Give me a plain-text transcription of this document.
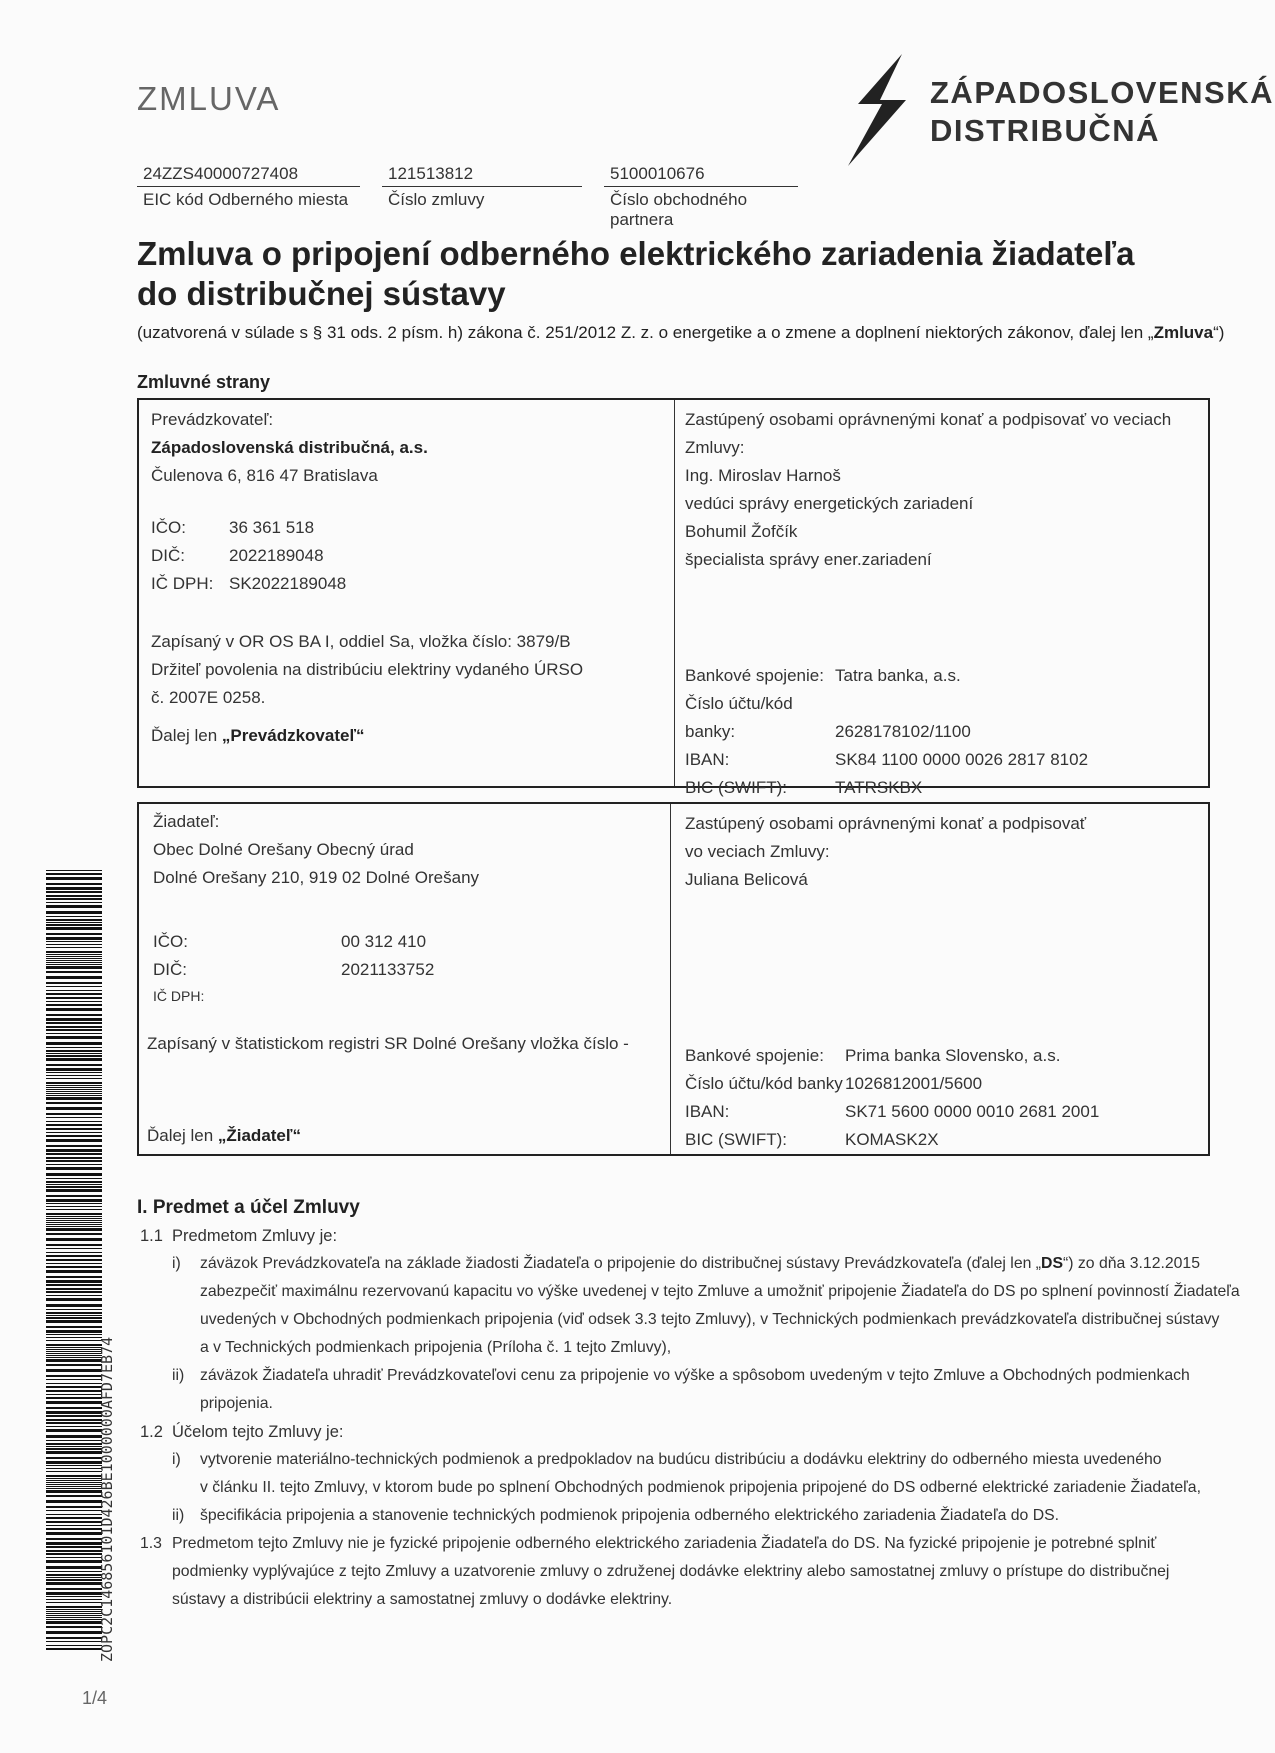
ZMLUVA	ZÁPADOSLOVENSKÁ
DISTRIBUČNÁ
24ZZS40000727408
EIC kód Odberného miesta
121513812
Číslo zmluvy
5100010676
Číslo obchodného partnera
Zmluva o pripojení odberného elektrického zariadenia žiadateľa
do distribučnej sústavy
(uzatvorená v súlade s § 31 ods. 2 písm. h) zákona č. 251/2012 Z. z. o energetike a o zmene a doplnení niektorých zákonov, ďalej len „Zmluva“)
Zmluvné strany
Prevádzkovateľ:
Západoslovenská distribučná, a.s.
Čulenova 6, 816 47 Bratislava
IČO:	36 361 518
DIČ:	2022189048
IČ DPH: SK2022189048
Zapísaný v OR OS BA I, oddiel Sa, vložka číslo: 3879/B
Držiteľ povolenia na distribúciu elektriny vydaného ÚRSO
č. 2007E 0258.
Ďalej len „Prevádzkovateľ“
Zastúpený osobami oprávnenými konať a podpisovať vo veciach Zmluvy:
Ing. Miroslav Harnoš
vedúci správy energetických zariadení
Bohumil Žofčík
špecialista správy ener.zariadení
Bankové spojenie: Tatra banka, a.s.
Číslo účtu/kód banky:	2628178102/1100
IBAN:	SK84 1100 0000 0026 2817 8102
BIC (SWIFT):	TATRSKBX
Žiadateľ:
Obec Dolné Orešany Obecný úrad
Dolné Orešany 210, 919 02 Dolné Orešany
IČO:	00 312 410
DIČ:	2021133752
IČ DPH:
Zapísaný v štatistickom registri SR Dolné Orešany vložka číslo -
Ďalej len „Žiadateľ“
Zastúpený osobami oprávnenými konať a podpisovať
vo veciach Zmluvy:
Juliana Belicová
Bankové spojenie: Prima banka Slovensko, a.s.
Číslo účtu/kód banky 1026812001/5600
IBAN:	SK71 5600 0000 0010 2681 2001
BIC (SWIFT):	KOMASK2X
I. Predmet a účel Zmluvy
1.1 Predmetom Zmluvy je:
i)	záväzok Prevádzkovateľa na základe žiadosti Žiadateľa o pripojenie do distribučnej sústavy Prevádzkovateľa (ďalej len „DS“) zo dňa 3.12.2015
zabezpečiť maximálnu rezervovanú kapacitu vo výške uvedenej v tejto Zmluve a umožniť pripojenie Žiadateľa do DS po splnení povinností Žiadateľa
uvedených v Obchodných podmienkach pripojenia (viď odsek 3.3 tejto Zmluvy), v Technických podmienkach prevádzkovateľa distribučnej sústavy
a v Technických podmienkach pripojenia (Príloha č. 1 tejto Zmluvy),
ii) záväzok Žiadateľa uhradiť Prevádzkovateľovi cenu za pripojenie vo výške a spôsobom uvedeným v tejto Zmluve a Obchodných podmienkach
pripojenia.
1.2 Účelom tejto Zmluvy je:
i)	vytvorenie materiálno-technických podmienok a predpokladov na budúcu distribúciu a dodávku elektriny do odberného miesta uvedeného
v článku II. tejto Zmluvy, v ktorom bude po splnení Obchodných podmienok pripojenia pripojené do DS odberné elektrické zariadenie Žiadateľa,
ii) špecifikácia pripojenia a stanovenie technických podmienok pripojenia odberného elektrického zariadenia Žiadateľa do DS.
1.3 Predmetom tejto Zmluvy nie je fyzické pripojenie odberného elektrického zariadenia Žiadateľa do DS. Na fyzické pripojenie je potrebné splniť
podmienky vyplývajúce z tejto Zmluvy a uzatvorenie zmluvy o združenej dodávke elektriny alebo samostatnej zmluvy o prístupe do distribučnej
sústavy a distribúcii elektriny a samostatnej zmluvy o dodávke elektriny.
ZOPC2C146856101D426BE1000000AFD7EB74
1/4
